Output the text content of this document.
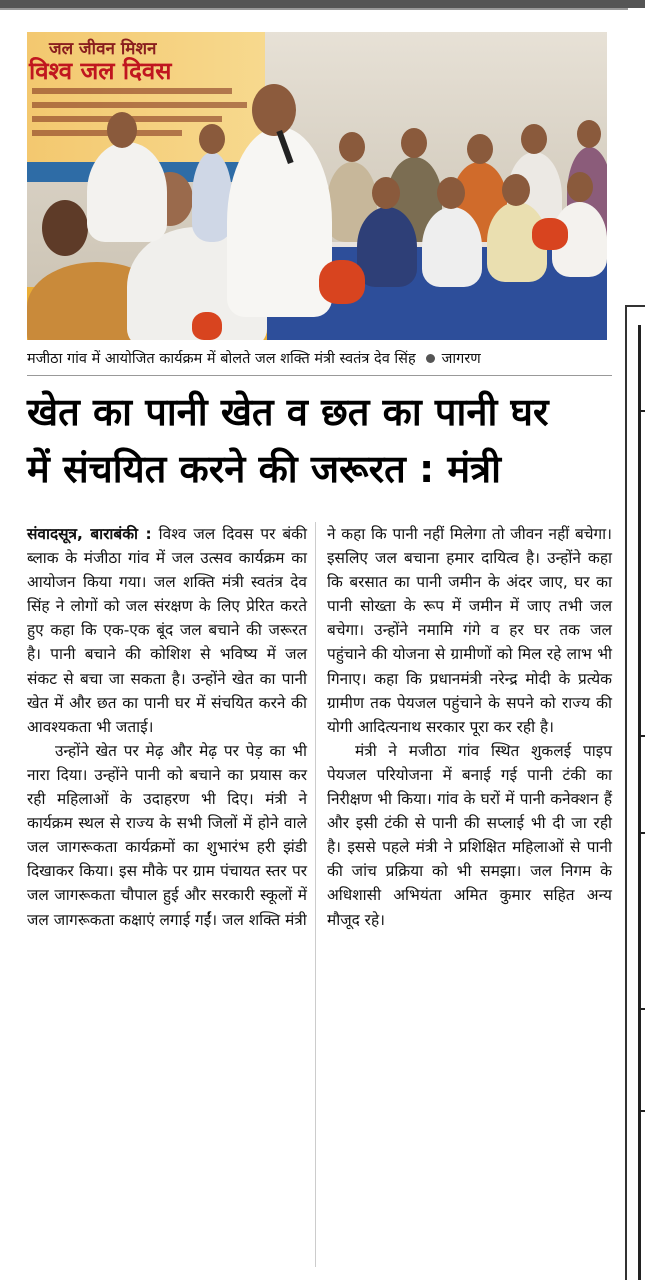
जल जीवन मिशन
विश्व जल दिवस
मजीठा गांव में आयोजित कार्यक्रम में बोलते जल शक्ति मंत्री स्वतंत्र देव सिंह जागरण
खेत का पानी खेत व छत का पानी घर
में संचयित करने की जरूरत : मंत्री

संवादसूत्र, बाराबंकी : विश्व जल दिवस पर बंकी ब्लाक के मंजीठा गांव में जल उत्सव कार्यक्रम का आयोजन किया गया। जल शक्ति मंत्री स्वतंत्र देव सिंह ने लोगों को जल संरक्षण के लिए प्रेरित करते हुए कहा कि एक-एक बूंद जल बचाने की जरूरत है। पानी बचाने की कोशिश से भविष्य में जल संकट से बचा जा सकता है। उन्होंने खेत का पानी खेत में और छत का पानी घर में संचयित करने की आवश्यकता भी जताई।

उन्होंने खेत पर मेढ़ और मेढ़ पर पेड़ का भी नारा दिया। उन्होंने पानी को बचाने का प्रयास कर रही महिलाओं के उदाहरण भी दिए। मंत्री ने कार्यक्रम स्थल से राज्य के सभी जिलों में होने वाले जल जागरूकता कार्यक्रमों का शुभारंभ हरी झंडी दिखाकर किया। इस मौके पर ग्राम पंचायत स्तर पर जल जागरूकता चौपाल हुई और सरकारी स्कूलों में जल जागरूकता कक्षाएं लगाई गईं। जल शक्ति मंत्री

ने कहा कि पानी नहीं मिलेगा तो जीवन नहीं बचेगा। इसलिए जल बचाना हमार दायित्व है। उन्होंने कहा कि बरसात का पानी जमीन के अंदर जाए, घर का पानी सोख्ता के रूप में जमीन में जाए तभी जल बचेगा। उन्होंने नमामि गंगे व हर घर तक जल पहुंचाने की योजना से ग्रामीणों को मिल रहे लाभ भी गिनाए। कहा कि प्रधानमंत्री नरेन्द्र मोदी के प्रत्येक ग्रामीण तक पेयजल पहुंचाने के सपने को राज्य की योगी आदित्यनाथ सरकार पूरा कर रही है।

मंत्री ने मजीठा गांव स्थित शुकलई पाइप पेयजल परियोजना में बनाई गई पानी टंकी का निरीक्षण भी किया। गांव के घरों में पानी कनेक्शन हैं और इसी टंकी से पानी की सप्लाई भी दी जा रही है। इससे पहले मंत्री ने प्रशिक्षित महिलाओं से पानी की जांच प्रक्रिया को भी समझा। जल निगम के अधिशासी अभियंता अमित कुमार सहित अन्य मौजूद रहे।
